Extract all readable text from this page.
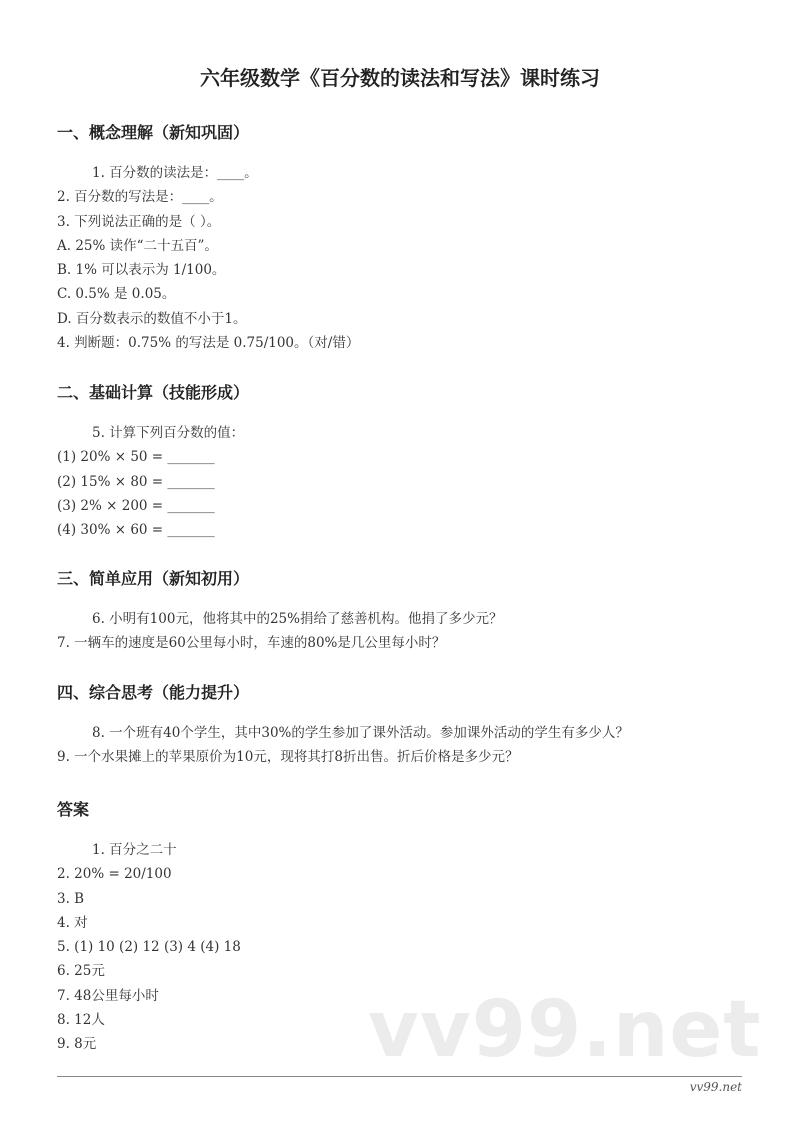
六年级数学《百分数的读法和写法》课时练习
一、概念理解（新知巩固）
1. 百分数的读法是：____。
2. 百分数的写法是：____。
3. 下列说法正确的是（ ）。
A. 25% 读作“二十五百”。
B. 1% 可以表示为 1/100。
C. 0.5% 是 0.05。
D. 百分数表示的数值不小于1。
4. 判断题：0.75% 的写法是 0.75/100。（对/错）
二、基础计算（技能形成）
5. 计算下列百分数的值：
(1) 20% × 50 = _______
(2) 15% × 80 = _______
(3) 2% × 200 = _______
(4) 30% × 60 = _______
三、简单应用（新知初用）
6. 小明有100元，他将其中的25%捐给了慈善机构。他捐了多少元？
7. 一辆车的速度是60公里每小时，车速的80%是几公里每小时？
四、综合思考（能力提升）
8. 一个班有40个学生，其中30%的学生参加了课外活动。参加课外活动的学生有多少人？
9. 一个水果摊上的苹果原价为10元，现将其打8折出售。折后价格是多少元？
答案
1. 百分之二十
2. 20% = 20/100
3. B
4. 对
5. (1) 10 (2) 12 (3) 4 (4) 18
6. 25元
7. 48公里每小时
8. 12人
9. 8元	vv99.net
vv99.net
